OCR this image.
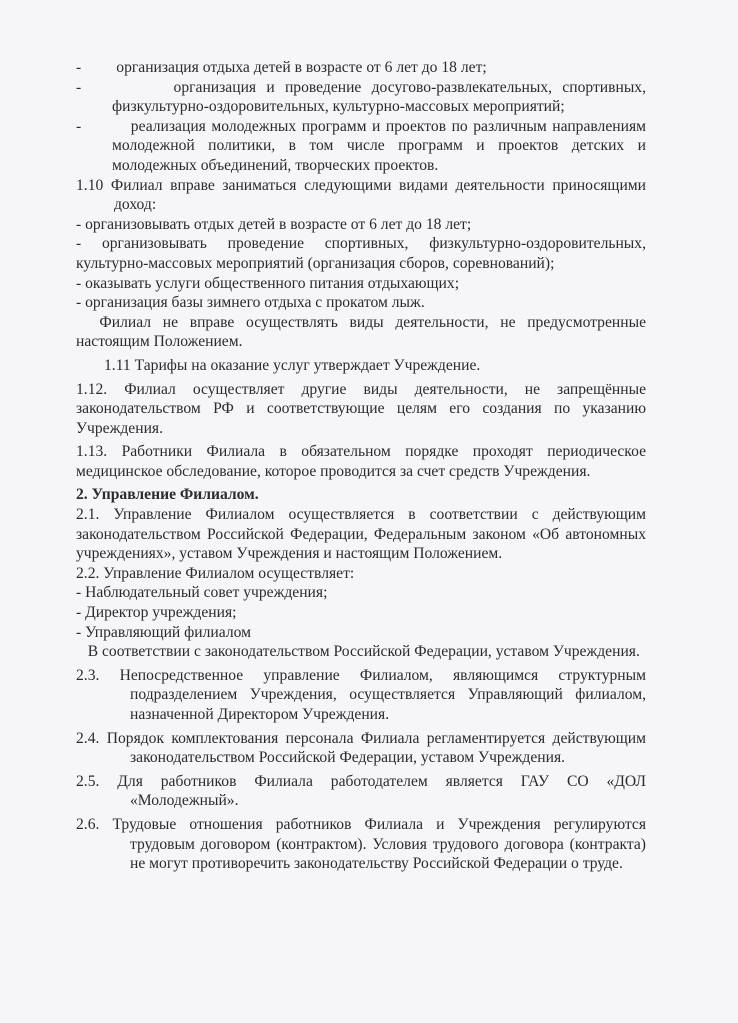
-         организация отдыха детей в возрасте от 6 лет до 18 лет;

-         организация и проведение досугово-развлекательных, спортивных, физкультурно-оздоровительных, культурно-массовых мероприятий;

-         реализация молодежных программ и проектов по различным направлениям молодежной политики, в том числе программ и проектов детских и молодежных объединений, творческих проектов.

1.10 Филиал вправе заниматься следующими видами деятельности приносящими доход:

- организовывать отдых детей в возрасте от 6 лет до 18 лет;

- организовывать проведение спортивных, физкультурно-оздоровительных, культурно-массовых мероприятий (организация сборов, соревнований);

- оказывать услуги общественного питания отдыхающих;

- организация базы зимнего отдыха с прокатом лыж.

Филиал не вправе осуществлять виды деятельности, не предусмотренные настоящим Положением.

1.11 Тарифы на оказание услуг утверждает Учреждение.

1.12. Филиал осуществляет другие виды деятельности, не запрещённые законодательством РФ и соответствующие целям его создания по указанию Учреждения.

1.13. Работники Филиала в обязательном порядке проходят периодическое медицинское обследование, которое проводится за счет средств Учреждения.

2. Управление Филиалом.

2.1. Управление Филиалом осуществляется в соответствии с действующим законодательством Российской Федерации, Федеральным законом «Об автономных учреждениях», уставом Учреждения и настоящим Положением.

2.2. Управление Филиалом осуществляет:

- Наблюдательный совет учреждения;

- Директор учреждения;

- Управляющий филиалом

В соответствии с законодательством Российской Федерации, уставом Учреждения.

2.3. Непосредственное управление Филиалом, являющимся структурным подразделением Учреждения, осуществляется Управляющий филиалом, назначенной Директором Учреждения.

2.4. Порядок комплектования персонала Филиала регламентируется действующим законодательством Российской Федерации, уставом Учреждения.

2.5. Для работников Филиала работодателем является ГАУ СО «ДОЛ «Молодежный».

2.6. Трудовые отношения работников Филиала и Учреждения регулируются трудовым договором (контрактом). Условия трудового договора (контракта) не могут противоречить законодательству Российской Федерации о труде.
